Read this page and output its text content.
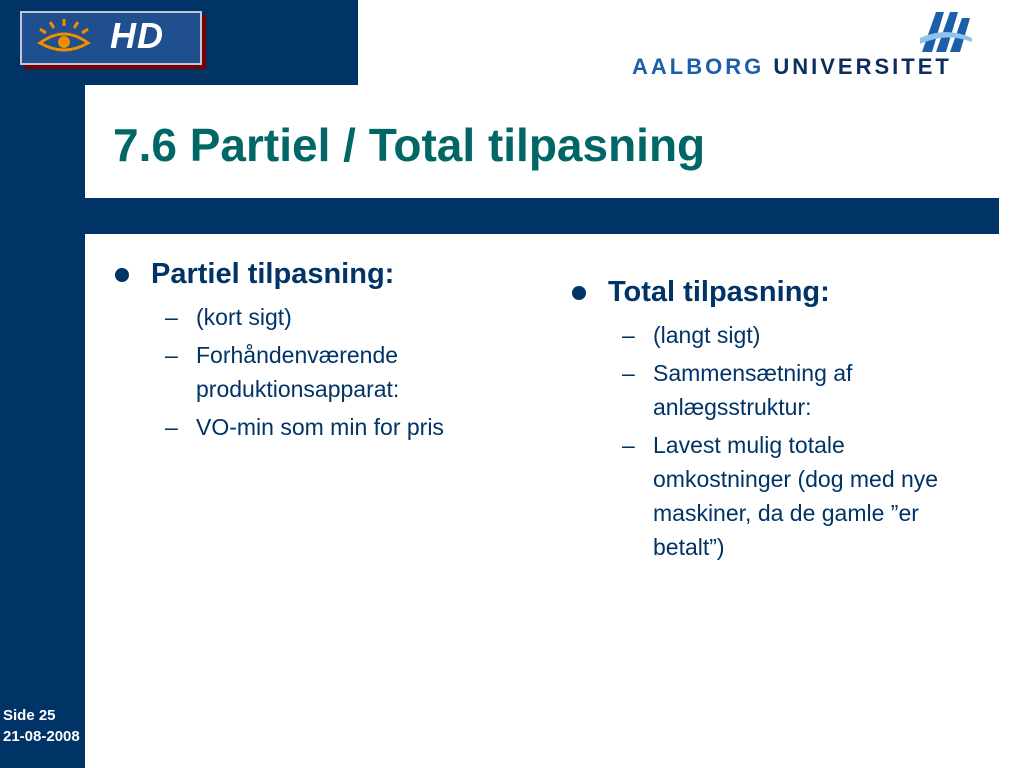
HD
AALBORG UNIVERSITET
7.6 Partiel / Total tilpasning
Partiel tilpasning:
– (kort sigt)
– Forhåndenværende produktionsapparat:
– VO-min som min for pris
Total tilpasning:
– (langt sigt)
– Sammensætning af anlægsstruktur:
– Lavest mulig totale omkostninger (dog med nye maskiner, da de gamle ”er betalt”)
Side 25
21-08-2008
